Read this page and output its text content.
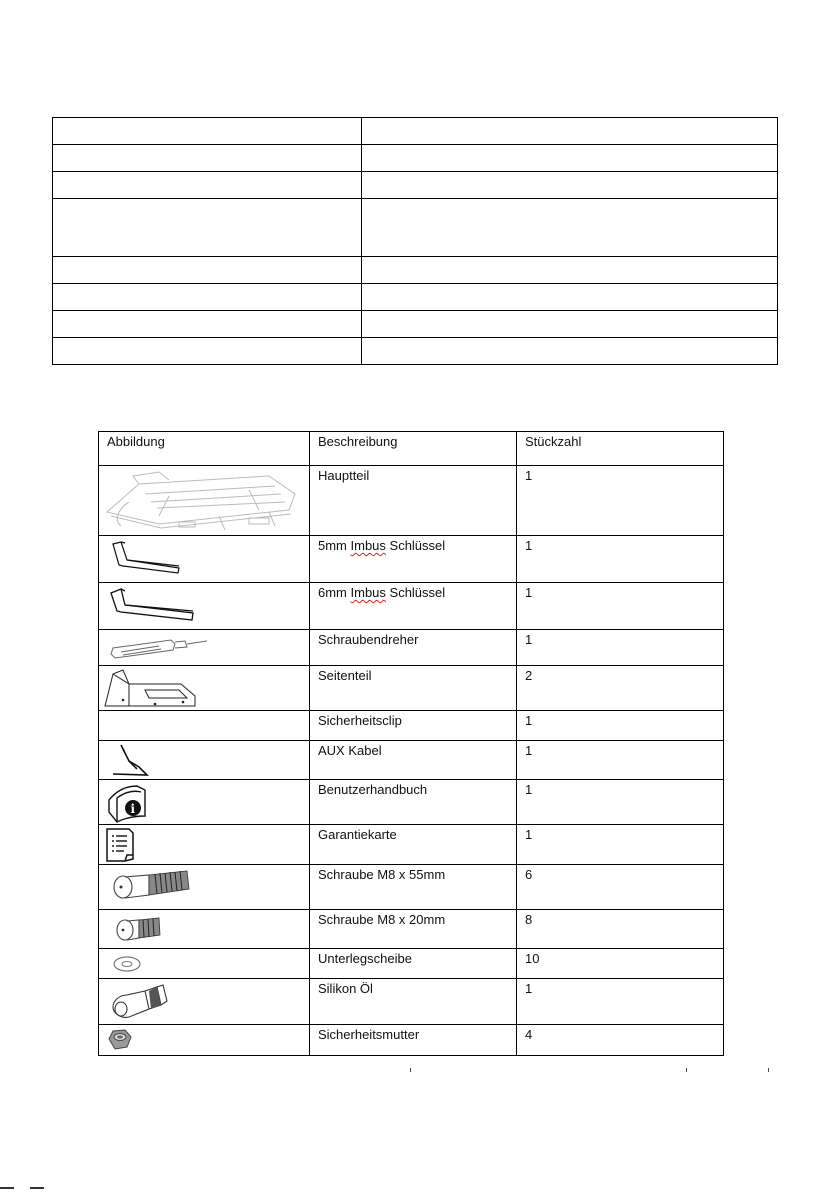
Abbildung	Beschreibung	Stückzahl

	Hauptteil	1

	5mm Imbus Schlüssel	1

	6mm Imbus Schlüssel	1

	Schraubendreher	1

	Seitenteil	2
	Sicherheitsclip	1

	AUX Kabel	1

i	Benutzerhandbuch	1

	Garantiekarte	1

	Schraube M8 x 55mm	6

	Schraube M8 x 20mm	8

	Unterlegscheibe	10

	Silikon Öl	1

	Sicherheitsmutter	4
